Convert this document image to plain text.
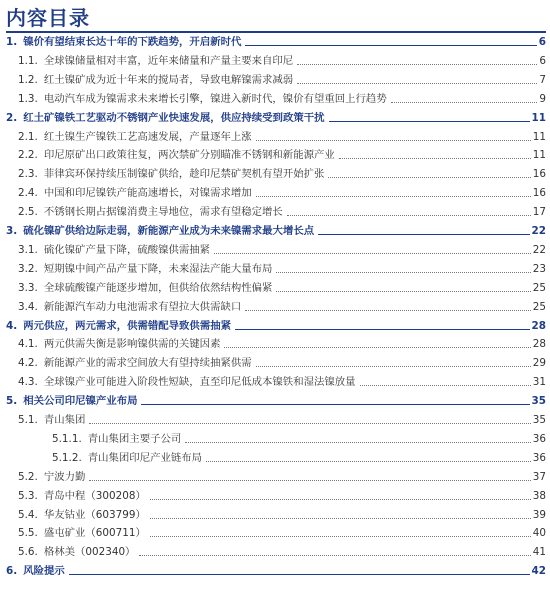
内容目录
1. 镍价有望结束长达十年的下跌趋势，开启新时代	6
1.1. 全球镍储量相对丰富，近年来储量和产量主要来自印尼	6
1.2. 红土镍矿成为近十年来的搅局者，导致电解镍需求减弱	7
1.3. 电动汽车成为镍需求未来增长引擎，镍进入新时代，镍价有望重回上行趋势	9
2. 红土矿镍铁工艺驱动不锈钢产业快速发展，供应持续受到政策干扰	11
2.1. 红土镍生产镍铁工艺高速发展，产量逐年上涨	11
2.2. 印尼原矿出口政策往复，两次禁矿分别瞄准不锈钢和新能源产业	11
2.3. 菲律宾环保持续压制镍矿供给，趁印尼禁矿契机有望开始扩张	16
2.4. 中国和印尼镍铁产能高速增长，对镍需求增加	16
2.5. 不锈钢长期占据镍消费主导地位，需求有望稳定增长	17
3. 硫化镍矿供给边际走弱，新能源产业成为未来镍需求最大增长点	22
3.1. 硫化镍矿产量下降，硫酸镍供需抽紧	22
3.2. 短期镍中间产品产量下降，未来湿法产能大量布局	23
3.3. 全球硫酸镍产能逐步增加，但供给依然结构性偏紧	25
3.4. 新能源汽车动力电池需求有望拉大供需缺口	25
4. 两元供应，两元需求，供需错配导致供需抽紧	28
4.1. 两元供需失衡是影响镍供需的关键因素	28
4.2. 新能源产业的需求空间放大有望持续抽紧供需	29
4.3. 全球镍产业可能进入阶段性短缺，直至印尼低成本镍铁和湿法镍放量	31
5. 相关公司印尼镍产业布局	35
5.1. 青山集团	35
5.1.1. 青山集团主要子公司	36
5.1.2. 青山集团印尼产业链布局	36
5.2. 宁波力勤	37
5.3. 青岛中程（300208）	38
5.4. 华友钴业（603799）	39
5.5. 盛屯矿业（600711）	40
5.6. 格林美（002340）	41
6. 风险提示	42
